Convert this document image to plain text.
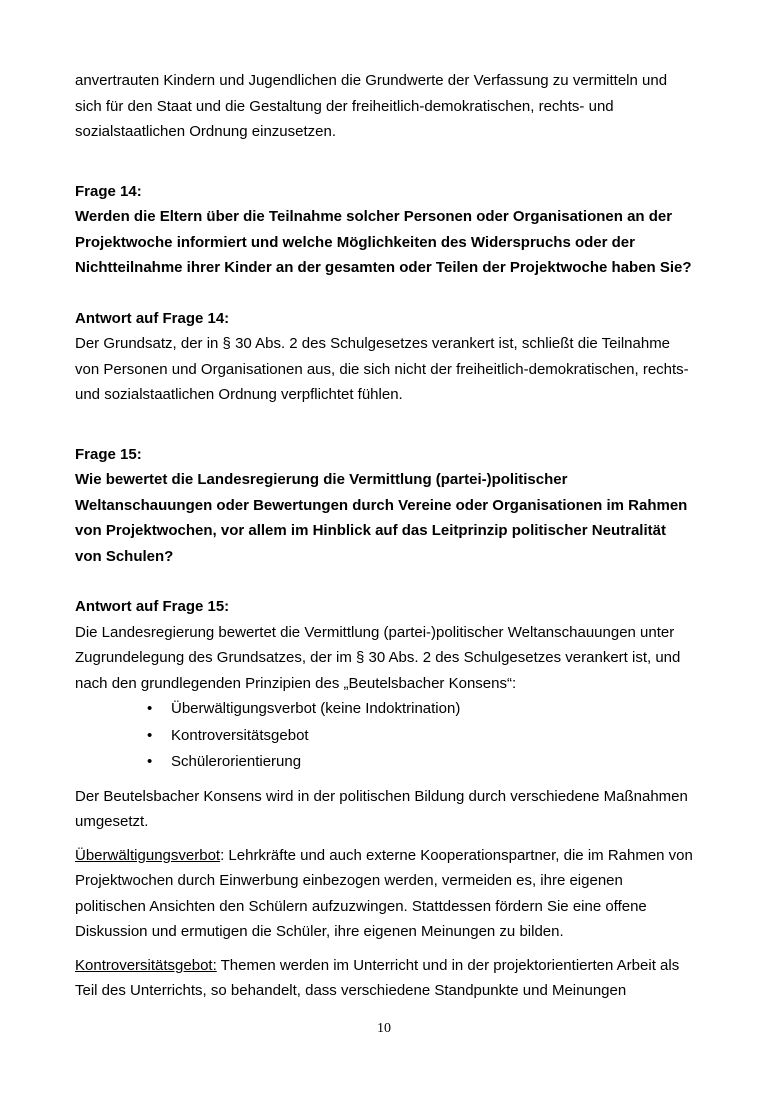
anvertrauten Kindern und Jugendlichen die Grundwerte der Verfassung zu vermitteln und sich für den Staat und die Gestaltung der freiheitlich-demokratischen, rechts- und sozialstaatlichen Ordnung einzusetzen.

Frage 14:

Werden die Eltern über die Teilnahme solcher Personen oder Organisationen an der Projektwoche informiert und welche Möglichkeiten des Widerspruchs oder der Nichtteilnahme ihrer Kinder an der gesamten oder Teilen der Projektwoche haben Sie?

Antwort auf Frage 14:

Der Grundsatz, der in § 30 Abs. 2 des Schulgesetzes verankert ist, schließt die Teilnahme von Personen und Organisationen aus, die sich nicht der freiheitlich-demokratischen, rechts- und sozialstaatlichen Ordnung verpflichtet fühlen.

Frage 15:

Wie bewertet die Landesregierung die Vermittlung (partei-)politischer Weltanschauungen oder Bewertungen durch Vereine oder Organisationen im Rahmen von Projektwochen, vor allem im Hinblick auf das Leitprinzip politischer Neutralität von Schulen?

Antwort auf Frage 15:

Die Landesregierung bewertet die Vermittlung (partei-)politischer Weltanschauungen unter Zugrundelegung des Grundsatzes, der im § 30 Abs. 2 des Schulgesetzes verankert ist, und nach den grundlegenden Prinzipien des „Beutelsbacher Konsens“:

• Überwältigungsverbot (keine Indoktrination)
• Kontroversitätsgebot
• Schülerorientierung

Der Beutelsbacher Konsens wird in der politischen Bildung durch verschiedene Maßnahmen umgesetzt.

Überwältigungsverbot: Lehrkräfte und auch externe Kooperationspartner, die im Rahmen von Projektwochen durch Einwerbung einbezogen werden, vermeiden es, ihre eigenen politischen Ansichten den Schülern aufzuzwingen. Stattdessen fördern Sie eine offene Diskussion und ermutigen die Schüler, ihre eigenen Meinungen zu bilden.

Kontroversitätsgebot: Themen werden im Unterricht und in der projektorientierten Arbeit als Teil des Unterrichts, so behandelt, dass verschiedene Standpunkte und Meinungen

10
